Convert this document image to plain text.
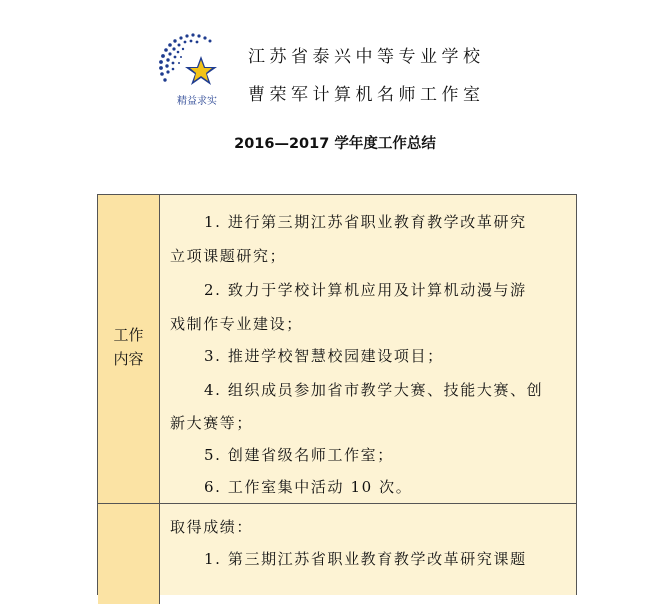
精益求实
江苏省泰兴中等专业学校
曹荣军计算机名师工作室
2016—2017 学年度工作总结
工作
内容
1. 进行第三期江苏省职业教育教学改革研究
立项课题研究；
2. 致力于学校计算机应用及计算机动漫与游
戏制作专业建设；
3. 推进学校智慧校园建设项目；
4. 组织成员参加省市教学大赛、技能大赛、创
新大赛等；
5. 创建省级名师工作室；
6. 工作室集中活动 10 次。
取得成绩：
1. 第三期江苏省职业教育教学改革研究课题
